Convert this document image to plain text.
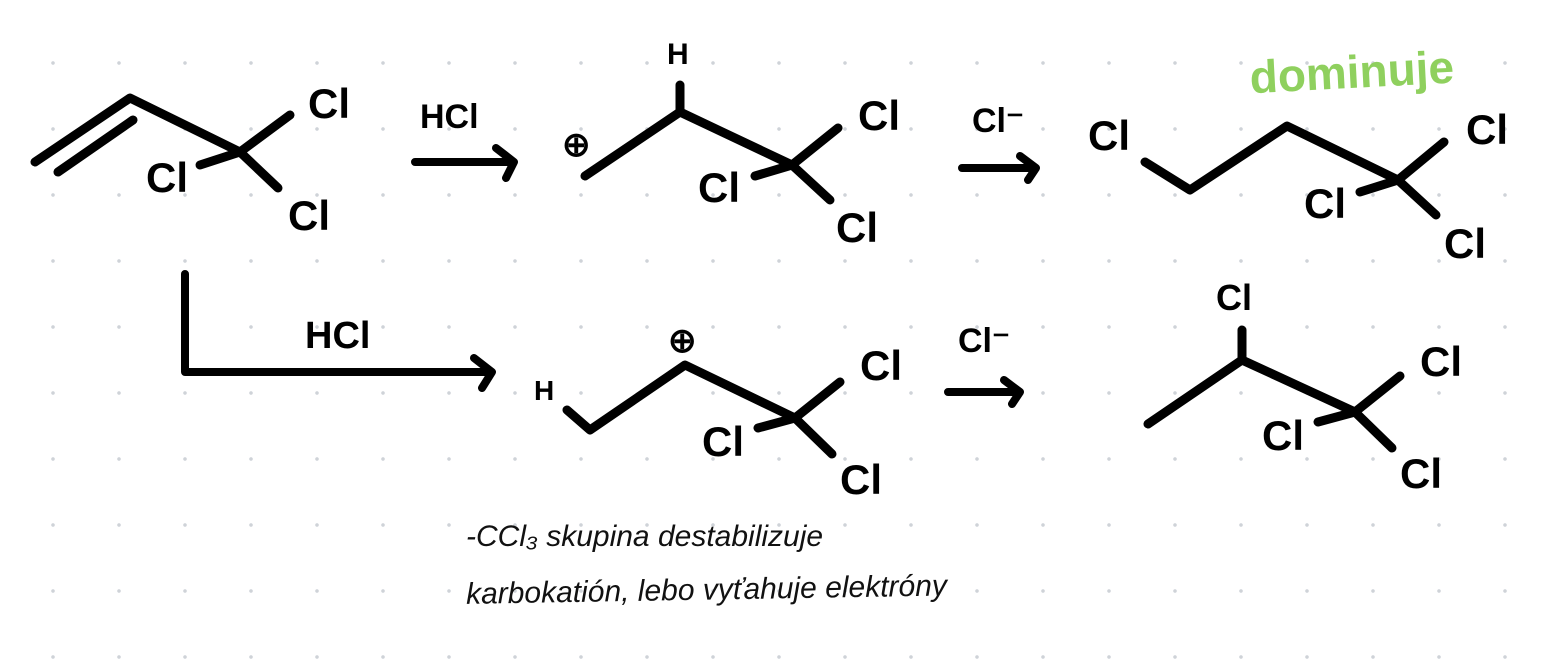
Cl
Cl
Cl
HCl
⊕
H
Cl
Cl
Cl
Cl⁻ Cl	Cl
Cl
Cl
dominuje
HCl
H
⊕
Cl
Cl
Cl
Cl⁻
Cl
Cl
Cl
Cl
-CCl₃ skupina destabilizuje
karbokatión, lebo vyťahuje elektróny
